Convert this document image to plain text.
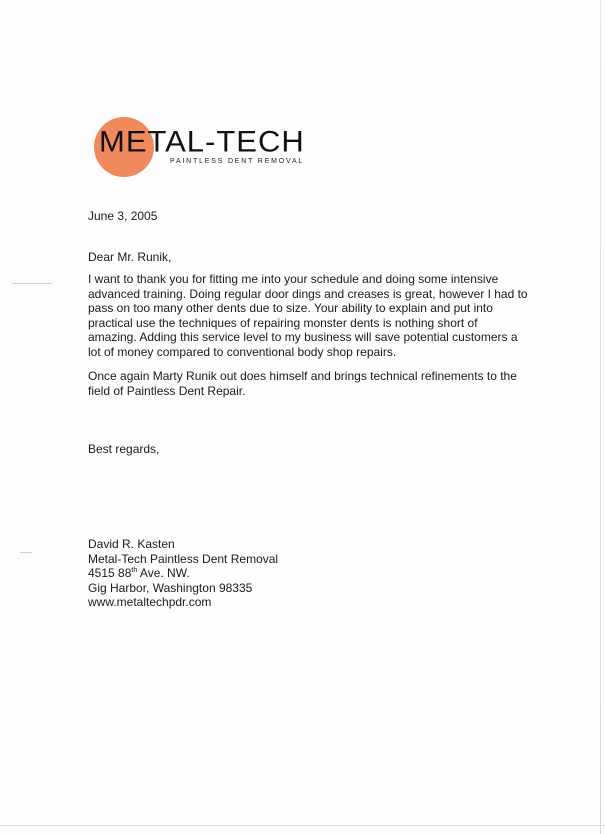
METAL-TECH
PAINTLESS DENT REMOVAL
June 3, 2005
Dear Mr. Runik,
I want to thank you for fitting me into your schedule and doing some intensive advanced training. Doing regular door dings and creases is great, however I had to pass on too many other dents due to size. Your ability to explain and put into practical use the techniques of repairing monster dents is nothing short of amazing. Adding this service level to my business will save potential customers a lot of money compared to conventional body shop repairs.
Once again Marty Runik out does himself and brings technical refinements to the field of Paintless Dent Repair.
Best regards,
David R. Kasten
Metal-Tech Paintless Dent Removal
4515 88th Ave. NW.
Gig Harbor, Washington 98335
www.metaltechpdr.com
